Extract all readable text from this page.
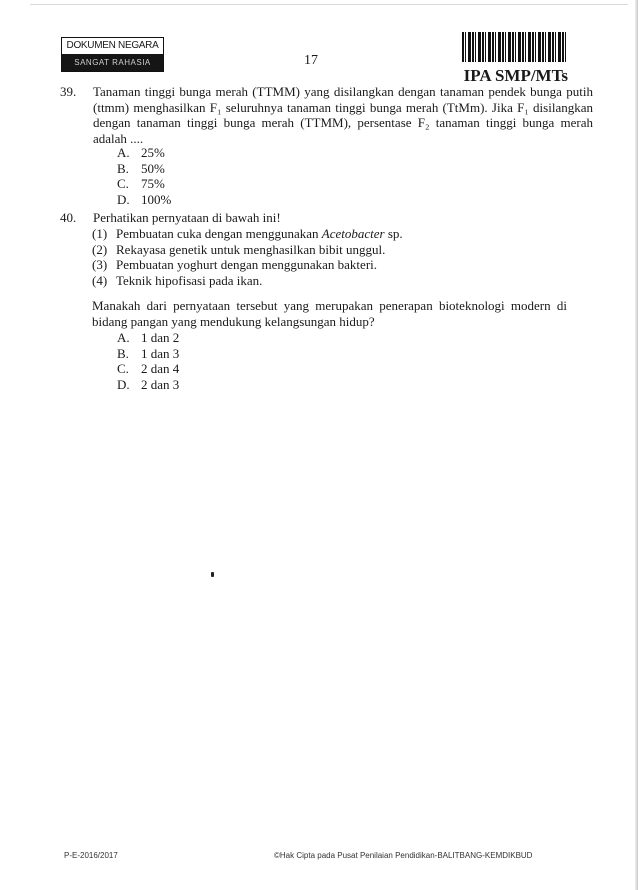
DOKUMEN NEGARA
SANGAT RAHASIA	17
IPA SMP/MTs
39.	Tanaman tinggi bunga merah (TTMM) yang disilangkan dengan tanaman pendek bunga putih (ttmm) menghasilkan F₁ seluruhnya tanaman tinggi bunga merah (TtMm). Jika F₁ disilangkan dengan tanaman tinggi bunga merah (TTMM), persentase F₂ tanaman tinggi bunga merah adalah ....
A. 25%
B. 50%
C. 75%
D. 100%
40.	Perhatikan pernyataan di bawah ini!
(1) Pembuatan cuka dengan menggunakan Acetobacter sp.
(2) Rekayasa genetik untuk menghasilkan bibit unggul.
(3) Pembuatan yoghurt dengan menggunakan bakteri.
(4) Teknik hipofisasi pada ikan.
Manakah dari pernyataan tersebut yang merupakan penerapan bioteknologi modern di bidang pangan yang mendukung kelangsungan hidup?
A. 1 dan 2
B. 1 dan 3
C. 2 dan 4
D. 2 dan 3
P-E-2016/2017	©Hak Cipta pada Pusat Penilaian Pendidikan-BALITBANG-KEMDIKBUD
